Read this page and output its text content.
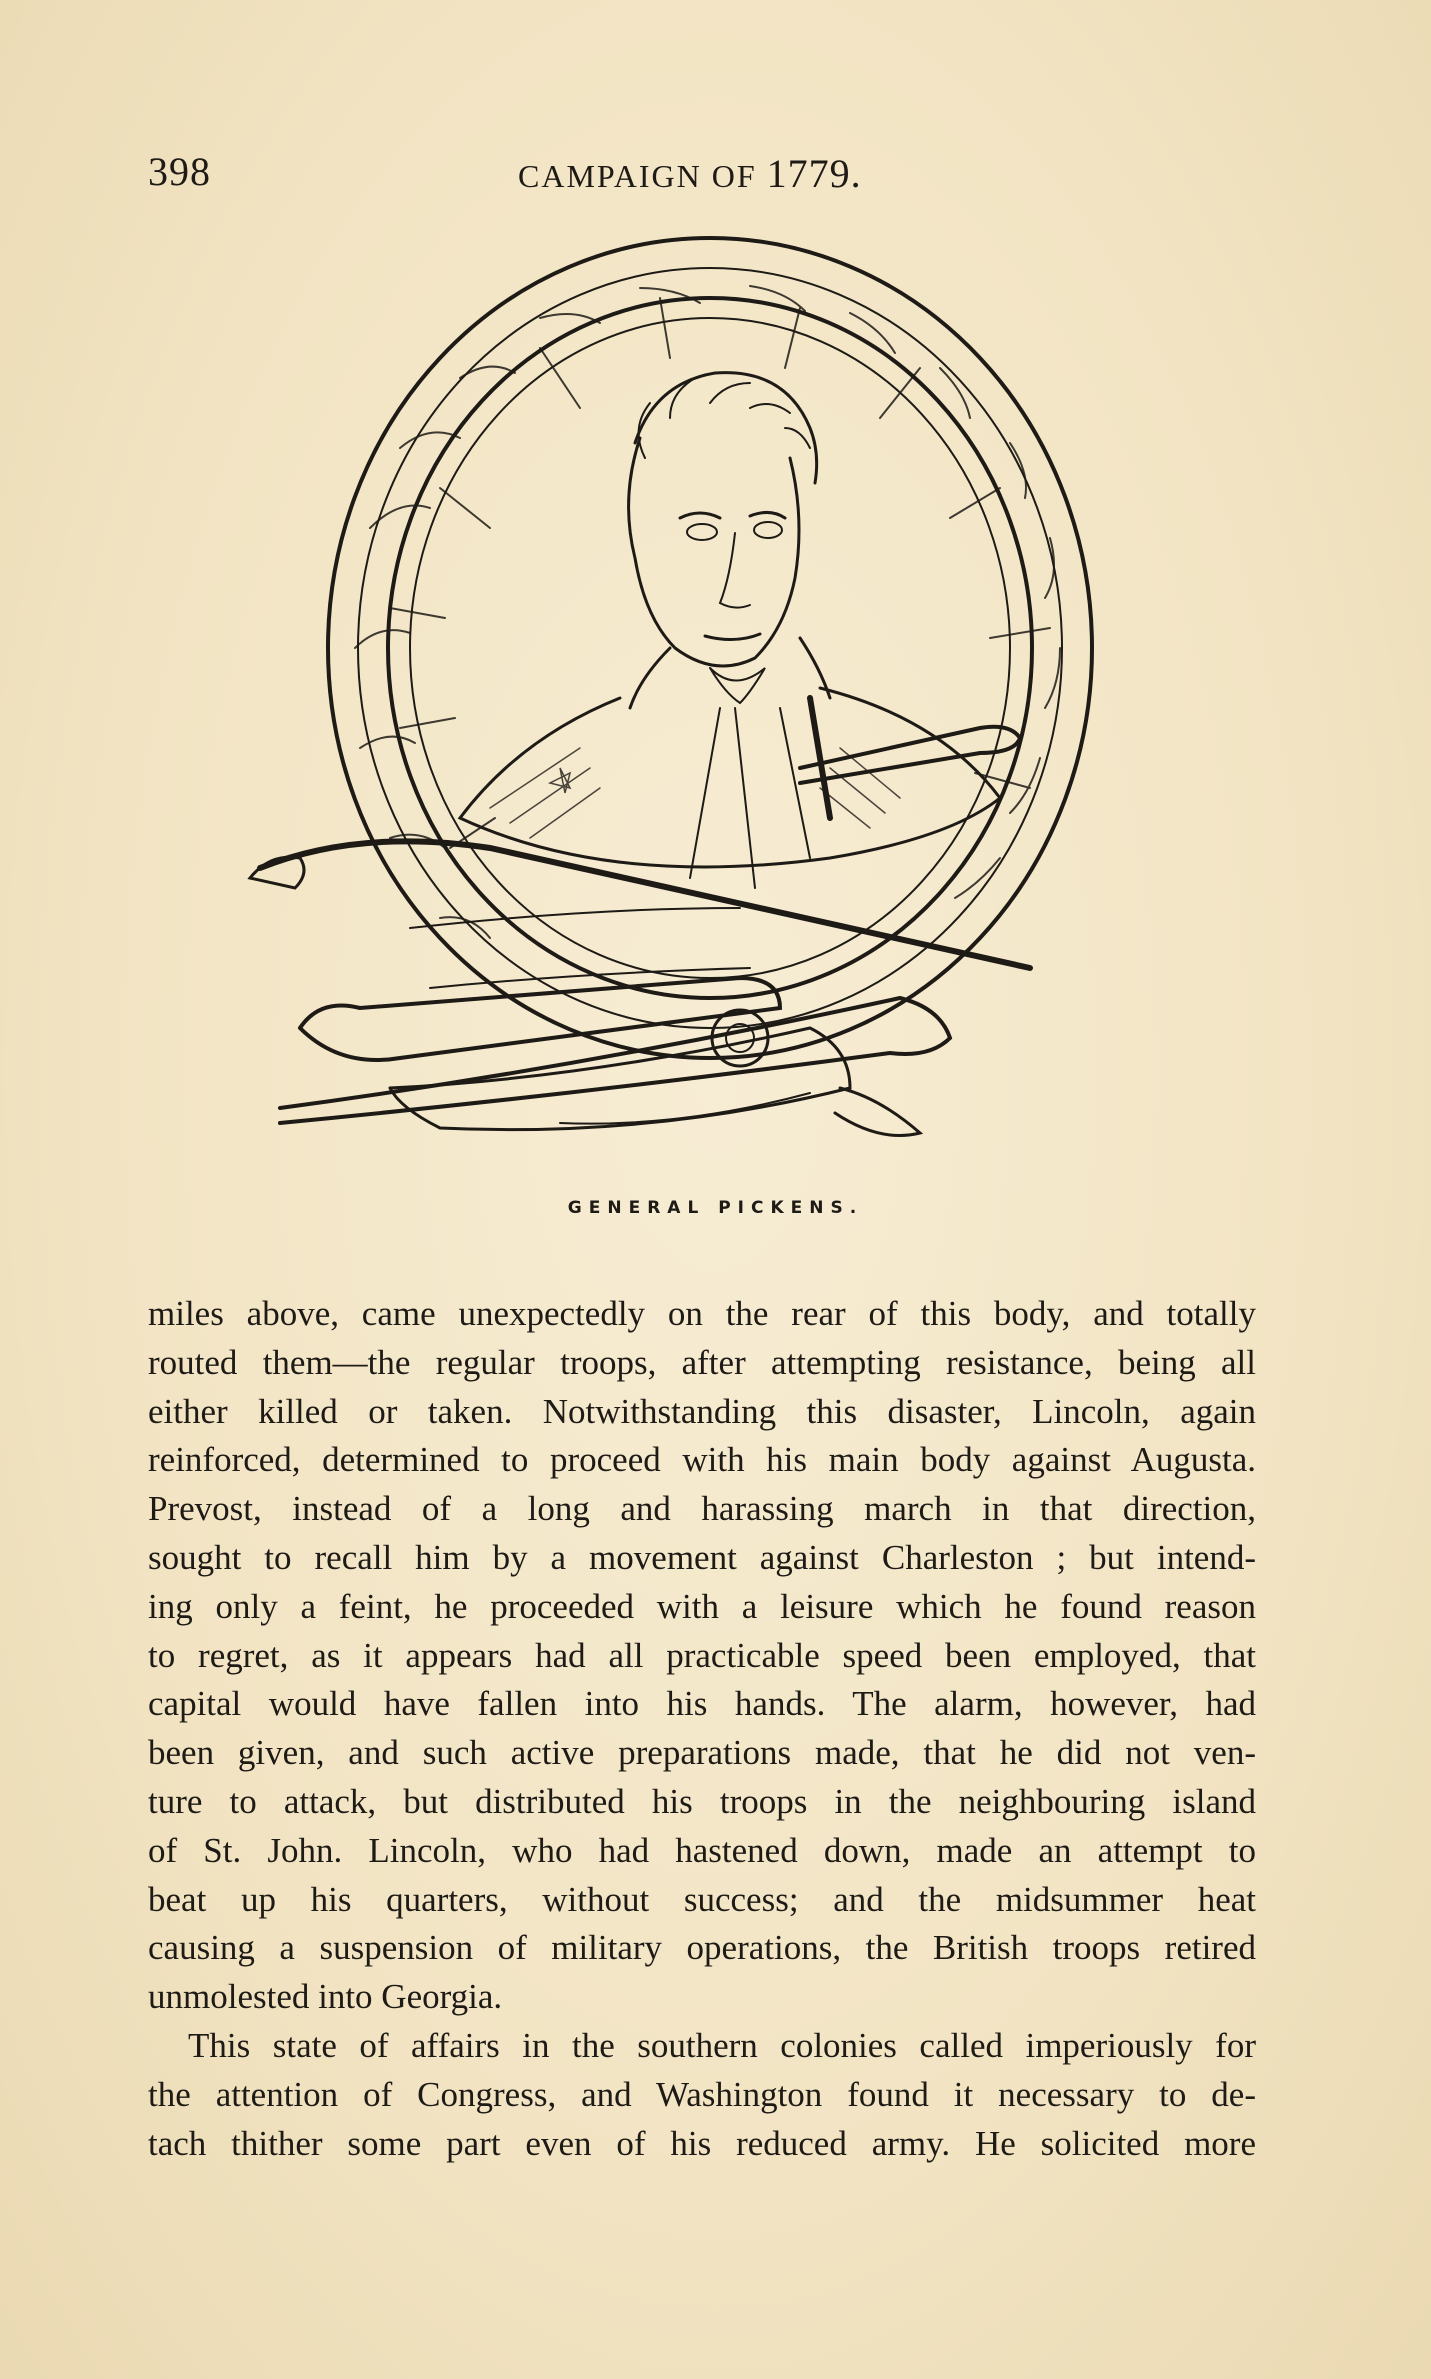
398	CAMPAIGN OF 1779.
GENERAL PICKENS.
miles above, came unexpectedly on the rear of this body, and totally
routed them—the regular troops, after attempting resistance, being all
either killed or taken. Notwithstanding this disaster, Lincoln, again
reinforced, determined to proceed with his main body against Augusta.
Prevost, instead of a long and harassing march in that direction,
sought to recall him by a movement against Charleston ; but intend-
ing only a feint, he proceeded with a leisure which he found reason
to regret, as it appears had all practicable speed been employed, that
capital would have fallen into his hands. The alarm, however, had
been given, and such active preparations made, that he did not ven-
ture to attack, but distributed his troops in the neighbouring island
of St. John. Lincoln, who had hastened down, made an attempt to
beat up his quarters, without success; and the midsummer heat
causing a suspension of military operations, the British troops retired
unmolested into Georgia.
This state of affairs in the southern colonies called imperiously for
the attention of Congress, and Washington found it necessary to de-
tach thither some part even of his reduced army. He solicited more
